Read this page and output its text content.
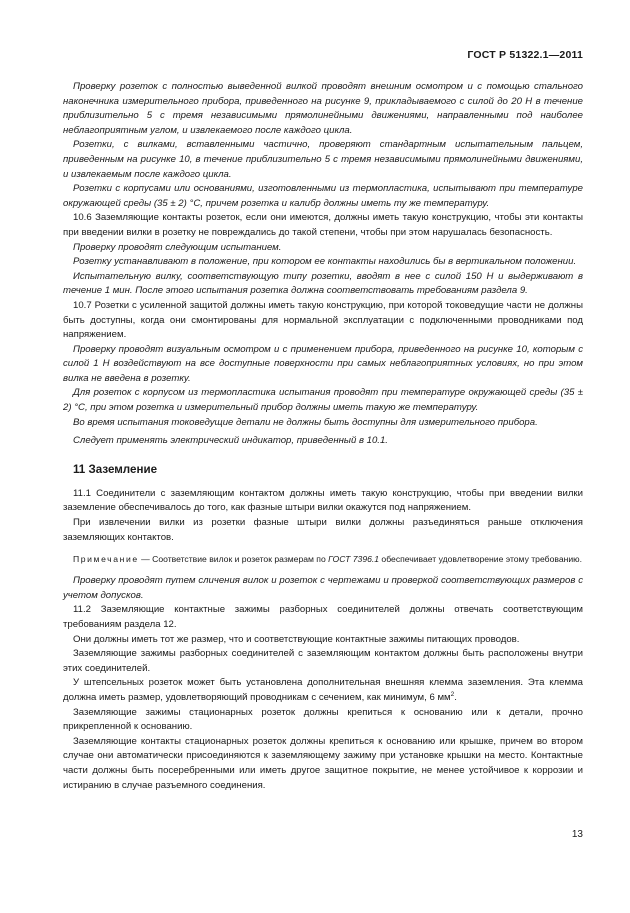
ГОСТ Р 51322.1—2011

Проверку розеток с полностью выведенной вилкой проводят внешним осмотром и с помощью стального наконечника измерительного прибора, приведенного на рисунке 9, прикладываемого с силой до 20 Н в течение приблизительно 5 с тремя независимыми прямолинейными движениями, направленными под наиболее неблагоприятным углом, и извлекаемого после каждого цикла.

Розетки, с вилками, вставленными частично, проверяют стандартным испытательным пальцем, приведенным на рисунке 10, в течение приблизительно 5 с тремя независимыми прямолинейными движениями, и извлекаемым после каждого цикла.

Розетки с корпусами или основаниями, изготовленными из термопластика, испытывают при температуре окружающей среды (35 ± 2) °С, причем розетка и калибр должны иметь ту же температуру.

10.6 Заземляющие контакты розеток, если они имеются, должны иметь такую конструкцию, чтобы эти контакты при введении вилки в розетку не повреждались до такой степени, чтобы при этом нарушалась безопасность.

Проверку проводят следующим испытанием.

Розетку устанавливают в положение, при котором ее контакты находились бы в вертикальном положении.

Испытательную вилку, соответствующую типу розетки, вводят в нее с силой 150 Н и выдерживают в течение 1 мин. После этого испытания розетка должна соответствовать требованиям раздела 9.

10.7 Розетки с усиленной защитой должны иметь такую конструкцию, при которой токоведущие части не должны быть доступны, когда они смонтированы для нормальной эксплуатации с подключенными проводниками под напряжением.

Проверку проводят визуальным осмотром и с применением прибора, приведенного на рисунке 10, которым с силой 1 Н воздействуют на все доступные поверхности при самых неблагоприятных условиях, но при этом вилка не введена в розетку.

Для розеток с корпусом из термопластика испытания проводят при температуре окружающей среды (35 ± 2) °С, при этом розетка и измерительный прибор должны иметь такую же температуру.

Во время испытания токоведущие детали не должны быть доступны для измерительного прибора.

Следует применять электрический индикатор, приведенный в 10.1.

11 Заземление

11.1 Соединители с заземляющим контактом должны иметь такую конструкцию, чтобы при введении вилки заземление обеспечивалось до того, как фазные штыри вилки окажутся под напряжением.

При извлечении вилки из розетки фазные штыри вилки должны разъединяться раньше отключения заземляющих контактов.

Примечание — Соответствие вилок и розеток размерам по ГОСТ 7396.1 обеспечивает удовлетворение этому требованию.

Проверку проводят путем сличения вилок и розеток с чертежами и проверкой соответствующих размеров с учетом допусков.

11.2 Заземляющие контактные зажимы разборных соединителей должны отвечать соответствующим требованиям раздела 12.

Они должны иметь тот же размер, что и соответствующие контактные зажимы питающих проводов.

Заземляющие зажимы разборных соединителей с заземляющим контактом должны быть расположены внутри этих соединителей.

У штепсельных розеток может быть установлена дополнительная внешняя клемма заземления. Эта клемма должна иметь размер, удовлетворяющий проводникам с сечением, как минимум, 6 $мм^2$.

Заземляющие зажимы стационарных розеток должны крепиться к основанию или к детали, прочно прикрепленной к основанию.

Заземляющие контакты стационарных розеток должны крепиться к основанию или крышке, причем во втором случае они автоматически присоединяются к заземляющему зажиму при установке крышки на место. Контактные части должны быть посеребренными или иметь другое защитное покрытие, не менее устойчивое к коррозии и истиранию в случае разъемного соединения.

13
